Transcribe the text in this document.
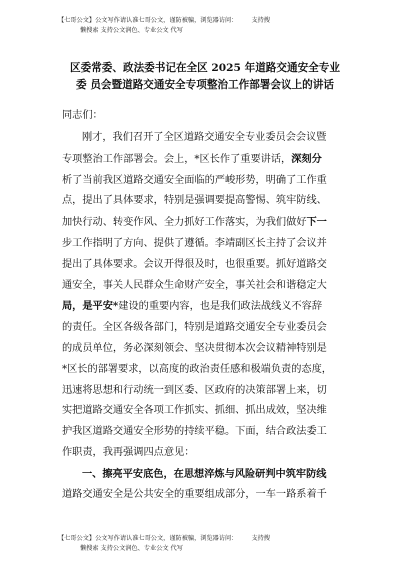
【七哥公文】公文写作请认准七哥公文，谨防被骗，浏览器访问： 支持搜
懒搜索 支持公文润色、专业公文 代写
区委常委、政法委书记在全区 2025 年道路交通安全专业
委 员会暨道路交通安全专项整治工作部署会议上的讲话
同志们：
刚才，我们召开了全区道路交通安全专业委员会会议暨
专项整治工作部署会。会上，*区长作了重要讲话，深刻分
析了当前我区道路交通安全面临的严峻形势，明确了工作重
点，提出了具体要求，特别是强调要提高警惕、筑牢防线、
加快行动、转变作风、全力抓好工作落实，为我们做好下一
步工作指明了方向、提供了遵循。李靖副区长主持了会议并
提出了具体要求。会议开得很及时，也很重要。抓好道路交
通安全，事关人民群众生命财产安全，事关社会和谐稳定大
局，是平安*建设的重要内容，也是我们政法战线义不容辞
的责任。全区各级各部门，特别是道路交通安全专业委员会
的成员单位，务必深刻领会、坚决贯彻本次会议精神特别是
*区长的部署要求，以高度的政治责任感和极端负责的态度，
迅速将思想和行动统一到区委、区政府的决策部署上来，切
实把道路交通安全各项工作抓实、抓细、抓出成效，坚决维
护我区道路交通安全形势的持续平稳。下面，结合政法委工
作职责，我再强调四点意见：
一、擦亮平安底色，在思想淬炼与风险研判中筑牢防线
道路交通安全是公共安全的重要组成部分，一车一路系着千
【七哥公文】公文写作请认准七哥公文，谨防被骗，浏览器访问： 支持搜
懒搜索 支持公文润色、专业公文 代写
